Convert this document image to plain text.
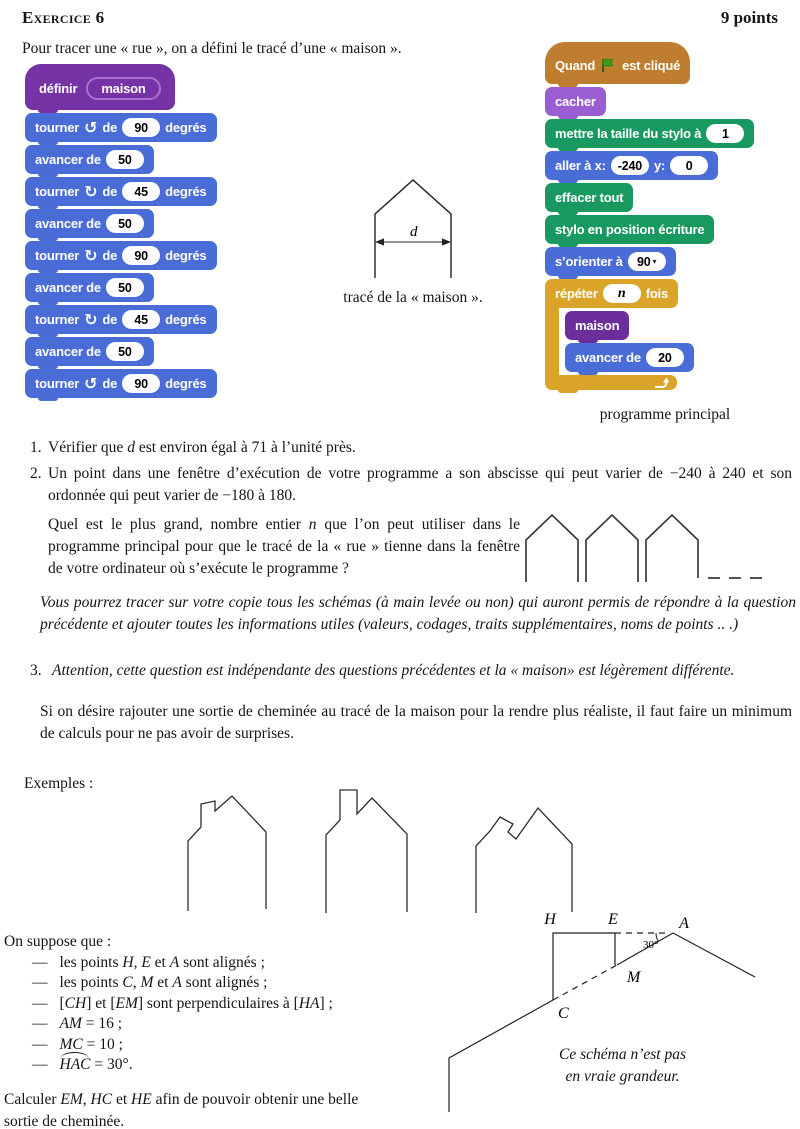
Exercice 6	9 points
Pour tracer une « rue », on a défini le tracé d’une « maison ».
définir	maison
tourner ↺ de	90	degrés
avancer de	50
tourner ↻ de	45	degrés
avancer de	50
tourner ↻ de	90	degrés
avancer de	50
tourner ↻ de	45	degrés
avancer de	50
tourner ↺ de	90	degrés
d
tracé de la « maison ».
Quand est cliqué
cacher
mettre la taille du stylo à	1
aller à x: -240 y:	0
effacer tout
stylo en position écriture
s’orienter à 90 ▾
répéter	n	fois
maison
avancer de	20
programme principal
1. Vérifier que d est environ égal à 71 à l’unité près.
2. Un point dans une fenêtre d’exécution de votre programme a son abscisse qui peut varier de −240 à 240 et son ordonnée qui peut varier de −180 à 180.
Quel est le plus grand, nombre entier n que l’on peut utiliser dans le programme principal pour que le tracé de la « rue » tienne dans la fenêtre de votre ordinateur où s’exécute le programme ?
Vous pourrez tracer sur votre copie tous les schémas (à main levée ou non) qui auront permis de répondre à la question précédente et ajouter toutes les informations utiles (valeurs, codages, traits supplémentaires, noms de points .. .)
3. Attention, cette question est indépendante des questions précédentes et la « maison» est légèrement différente.
Si on désire rajouter une sortie de cheminée au tracé de la maison pour la rendre plus réaliste, il faut faire un minimum de calculs pour ne pas avoir de surprises.
Exemples :
On suppose que :
— les points H, E et A sont alignés ;
— les points C, M et A sont alignés ;
— [CH] et [EM] sont perpendiculaires à [HA] ;
— AM = 16 ;
— MC = 10 ;
— HAC = 30°.
Calculer EM, HC et HE afin de pouvoir obtenir une belle sortie de cheminée.
H	E	A
M
C
30°
Ce schéma n’est pas
en vraie grandeur.
